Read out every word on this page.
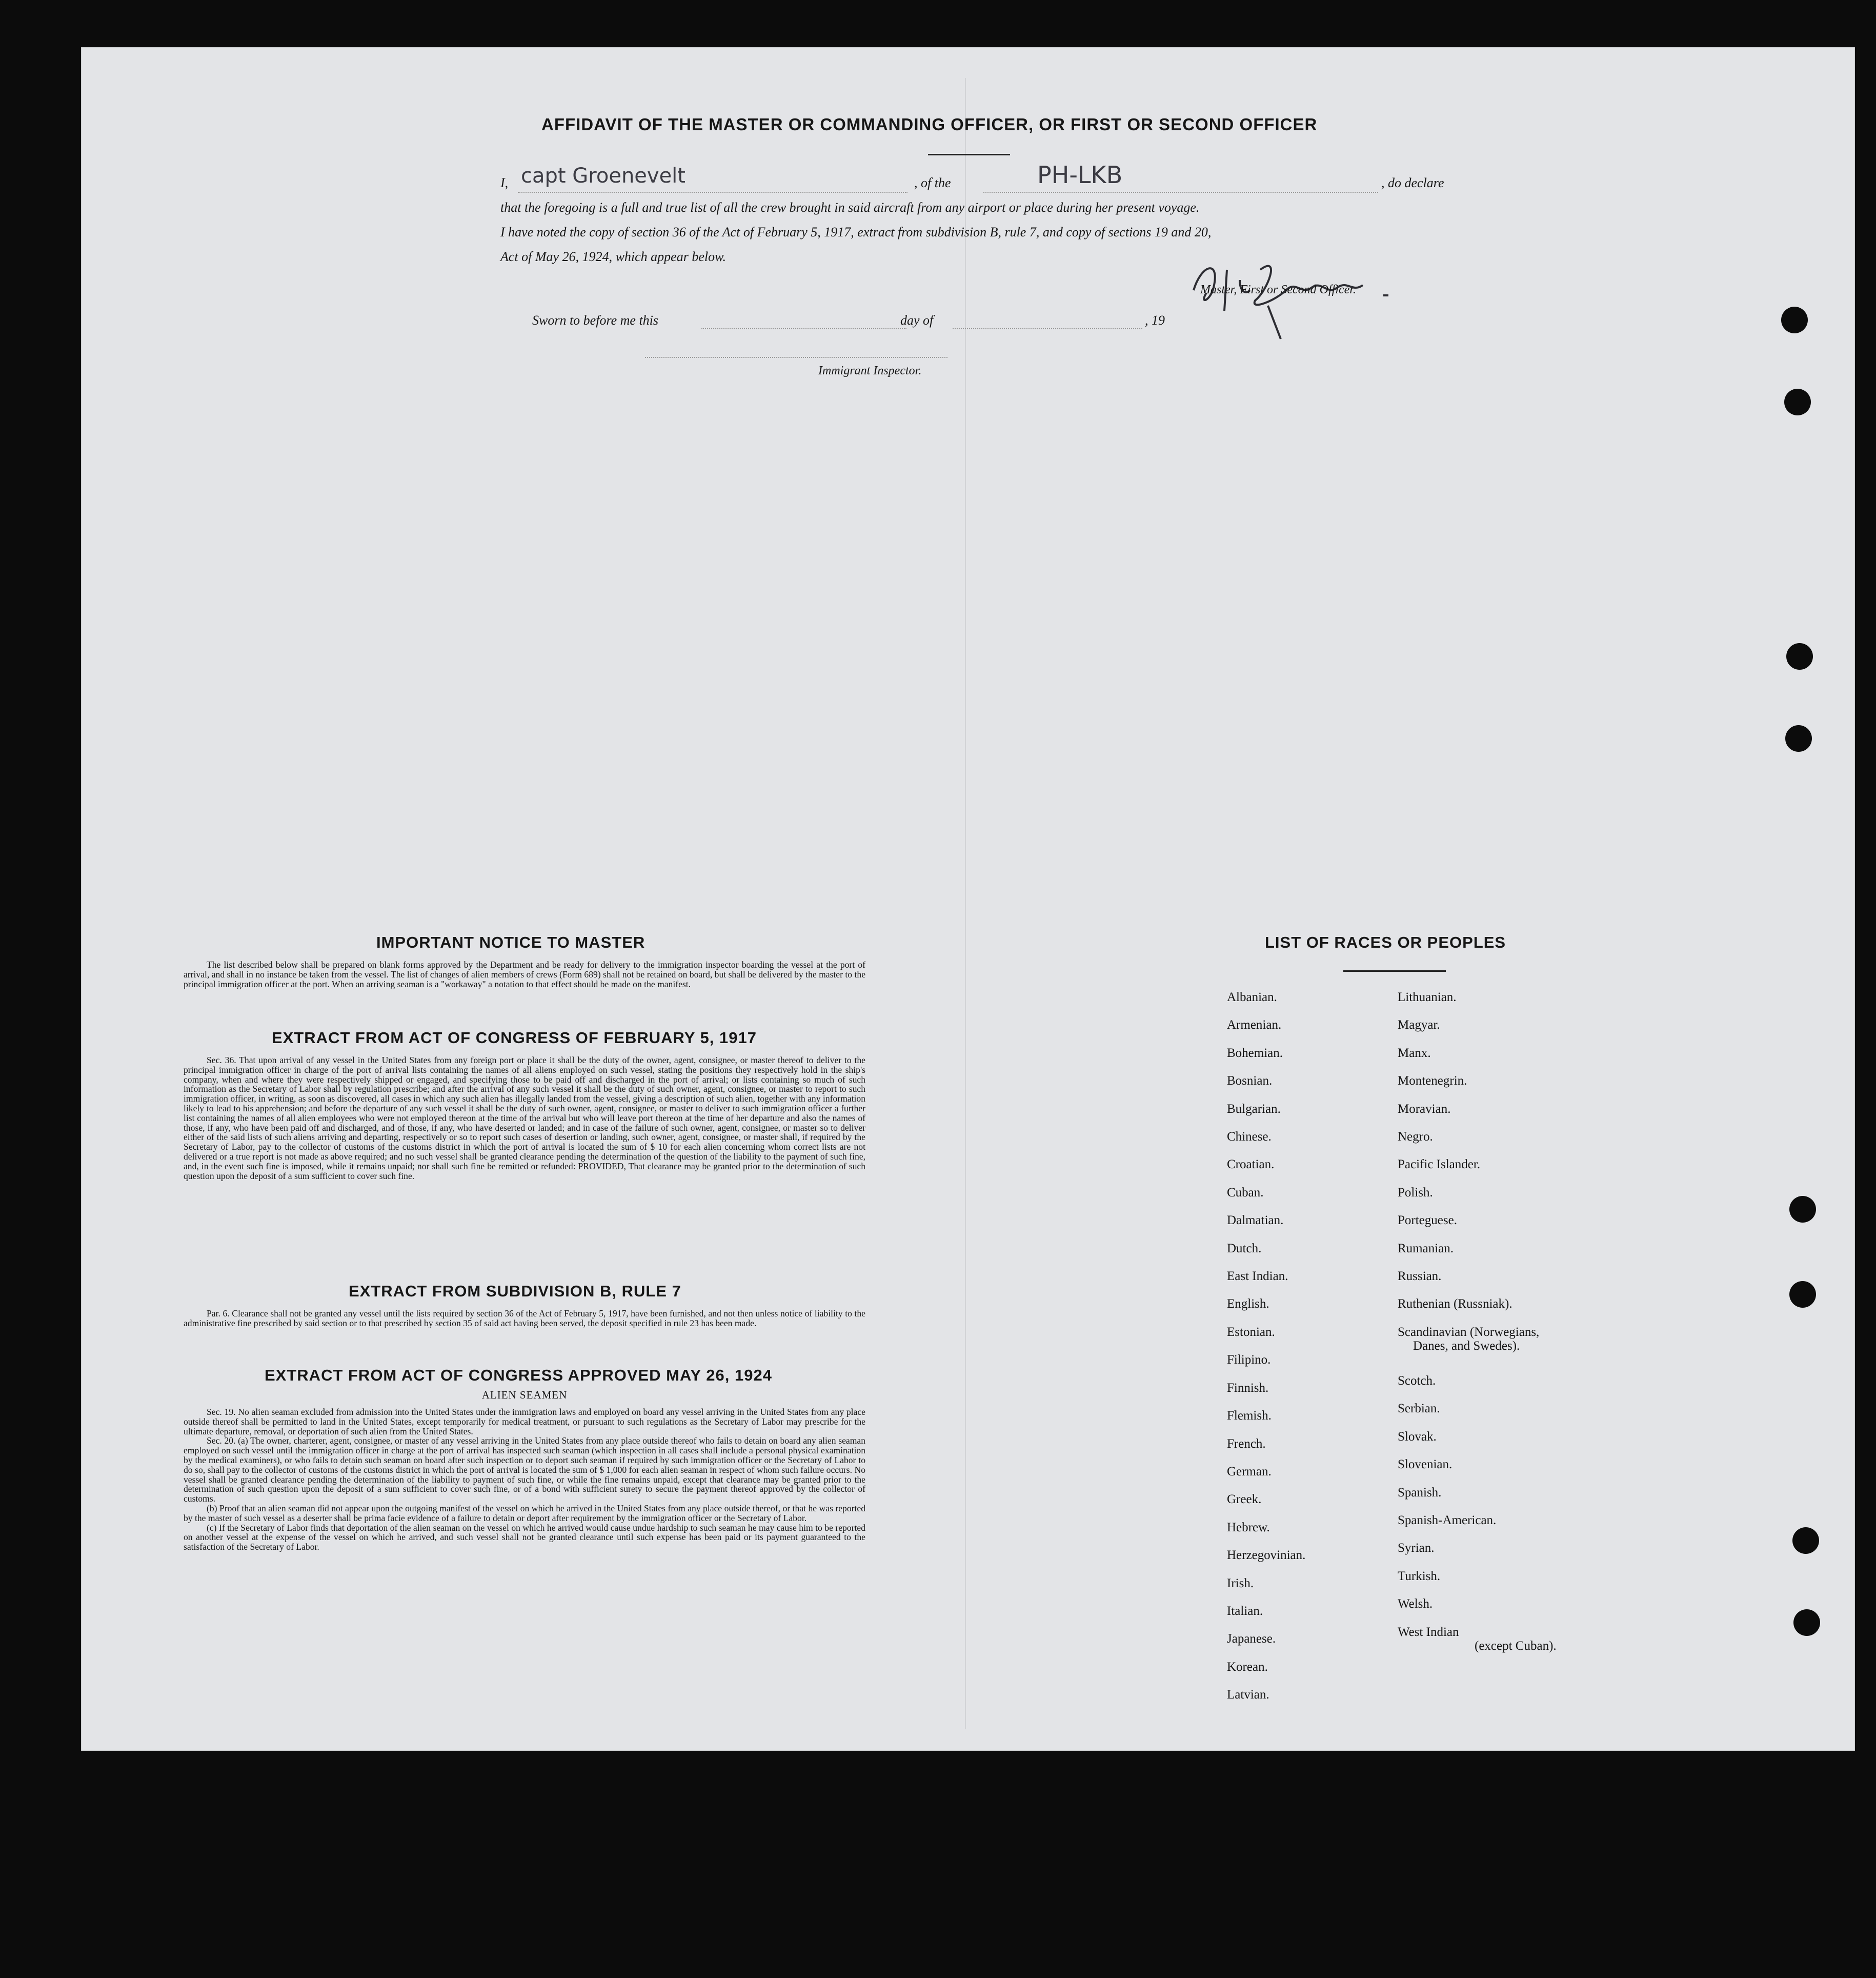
AFFIDAVIT OF THE MASTER OR COMMANDING OFFICER, OR FIRST OR SECOND OFFICER
I, capt Groenevelt	, of the	PH-LKB	, do declare
that the foregoing is a full and true list of all the crew brought in said aircraft from any airport or place during her present voyage.
I have noted the copy of section 36 of the Act of February 5, 1917, extract from subdivision B, rule 7, and copy of sections 19 and 20,
Act of May 26, 1924, which appear below.
Master, First or Second Officer.
Sworn to before me this	day of	, 19
Immigrant Inspector.
IMPORTANT NOTICE TO MASTER

The list described below shall be prepared on blank forms approved by the Department and be ready for delivery to the immigration inspector boarding the vessel at the port of arrival, and shall in no instance be taken from the vessel. The list of changes of alien members of crews (Form 689) shall not be retained on board, but shall be delivered by the master to the principal immigration officer at the port. When an arriving seaman is a "workaway" a notation to that effect should be made on the manifest.

EXTRACT FROM ACT OF CONGRESS OF FEBRUARY 5, 1917

Sec. 36. That upon arrival of any vessel in the United States from any foreign port or place it shall be the duty of the owner, agent, consignee, or master thereof to deliver to the principal immigration officer in charge of the port of arrival lists containing the names of all aliens employed on such vessel, stating the positions they respectively hold in the ship's company, when and where they were respectively shipped or engaged, and specifying those to be paid off and discharged in the port of arrival; or lists containing so much of such information as the Secretary of Labor shall by regulation prescribe; and after the arrival of any such vessel it shall be the duty of such owner, agent, consignee, or master to report to such immigration officer, in writing, as soon as discovered, all cases in which any such alien has illegally landed from the vessel, giving a description of such alien, together with any information likely to lead to his apprehension; and before the departure of any such vessel it shall be the duty of such owner, agent, consignee, or master to deliver to such immigration officer a further list containing the names of all alien employees who were not employed thereon at the time of the arrival but who will leave port thereon at the time of her departure and also the names of those, if any, who have been paid off and discharged, and of those, if any, who have deserted or landed; and in case of the failure of such owner, agent, consignee, or master so to deliver either of the said lists of such aliens arriving and departing, respectively or so to report such cases of desertion or landing, such owner, agent, consignee, or master shall, if required by the Secretary of Labor, pay to the collector of customs of the customs district in which the port of arrival is located the sum of $ 10 for each alien concerning whom correct lists are not delivered or a true report is not made as above required; and no such vessel shall be granted clearance pending the determination of the question of the liability to the payment of such fine, and, in the event such fine is imposed, while it remains unpaid; nor shall such fine be remitted or refunded: PROVIDED, That clearance may be granted prior to the determination of such question upon the deposit of a sum sufficient to cover such fine.

EXTRACT FROM SUBDIVISION B, RULE 7

Par. 6. Clearance shall not be granted any vessel until the lists required by section 36 of the Act of February 5, 1917, have been furnished, and not then unless notice of liability to the administrative fine prescribed by said section or to that prescribed by section 35 of said act having been served, the deposit specified in rule 23 has been made.

EXTRACT FROM ACT OF CONGRESS APPROVED MAY 26, 1924
ALIEN SEAMEN

Sec. 19. No alien seaman excluded from admission into the United States under the immigration laws and employed on board any vessel arriving in the United States from any place outside thereof shall be permitted to land in the United States, except temporarily for medical treatment, or pursuant to such regulations as the Secretary of Labor may prescribe for the ultimate departure, removal, or deportation of such alien from the United States.

Sec. 20. (a) The owner, charterer, agent, consignee, or master of any vessel arriving in the United States from any place outside thereof who fails to detain on board any alien seaman employed on such vessel until the immigration officer in charge at the port of arrival has inspected such seaman (which inspection in all cases shall include a personal physical examination by the medical examiners), or who fails to detain such seaman on board after such inspection or to deport such seaman if required by such immigration officer or the Secretary of Labor to do so, shall pay to the collector of customs of the customs district in which the port of arrival is located the sum of $ 1,000 for each alien seaman in respect of whom such failure occurs. No vessel shall be granted clearance pending the determination of the liability to payment of such fine, or while the fine remains unpaid, except that clearance may be granted prior to the determination of such question upon the deposit of a sum sufficient to cover such fine, or of a bond with sufficient surety to secure the payment thereof approved by the collector of customs.

(b) Proof that an alien seaman did not appear upon the outgoing manifest of the vessel on which he arrived in the United States from any place outside thereof, or that he was reported by the master of such vessel as a deserter shall be prima facie evidence of a failure to detain or deport after requirement by the immigration officer or the Secretary of Labor.

(c) If the Secretary of Labor finds that deportation of the alien seaman on the vessel on which he arrived would cause undue hardship to such seaman he may cause him to be reported on another vessel at the expense of the vessel on which he arrived, and such vessel shall not be granted clearance until such expense has been paid or its payment guaranteed to the satisfaction of the Secretary of Labor.

LIST OF RACES OR PEOPLES
Albanian.
Armenian.
Bohemian.
Bosnian.
Bulgarian.
Chinese.
Croatian.
Cuban.
Dalmatian.
Dutch.
East Indian.
English.
Estonian.
Filipino.
Finnish.
Flemish.
French.
German.
Greek.
Hebrew.
Herzegovinian.
Irish.
Italian.
Japanese.
Korean.
Latvian.
Lithuanian.
Magyar.
Manx.
Montenegrin.
Moravian.
Negro.
Pacific Islander.
Polish.
Porteguese.
Rumanian.
Russian.
Ruthenian (Russniak).
Scandinavian (Norwegians,
Danes, and Swedes).
Scotch.
Serbian.
Slovak.
Slovenian.
Spanish.
Spanish-American.
Syrian.
Turkish.
Welsh.
West Indian
(except Cuban).
